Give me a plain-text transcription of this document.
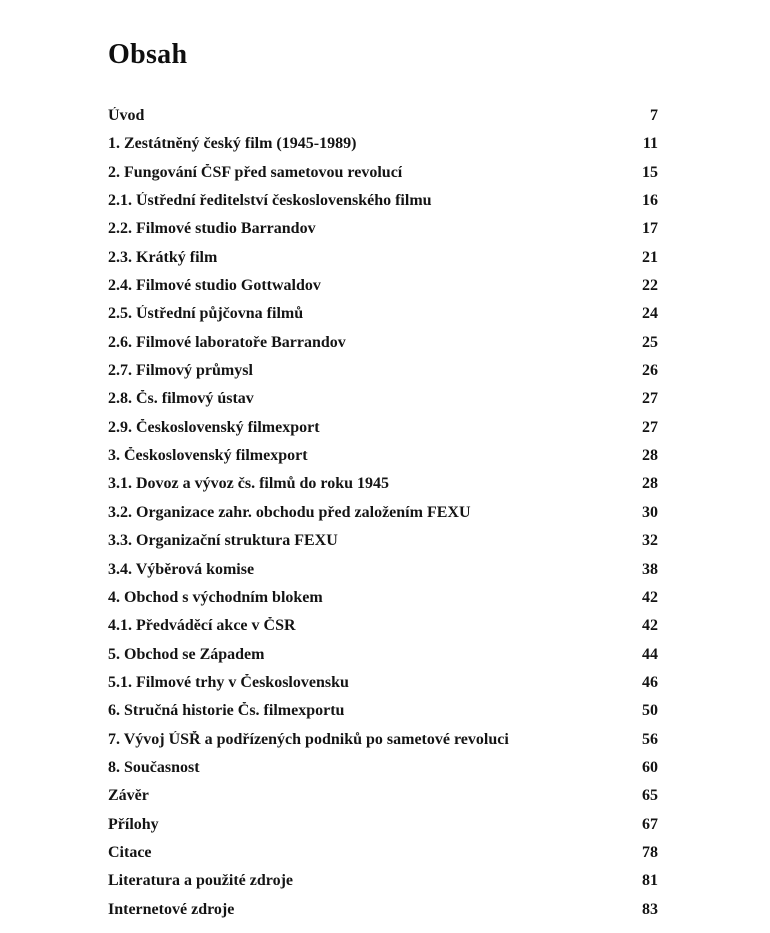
Obsah
Úvod	7
1. Zestátněný český film (1945-1989)	11
2. Fungování ČSF před sametovou revolucí	15
2.1. Ústřední ředitelství československého filmu	16
2.2. Filmové studio Barrandov	17
2.3. Krátký film	21
2.4. Filmové studio Gottwaldov	22
2.5. Ústřední půjčovna filmů	24
2.6. Filmové laboratoře Barrandov	25
2.7. Filmový průmysl	26
2.8. Čs. filmový ústav	27
2.9. Československý filmexport	27
3. Československý filmexport	28
3.1. Dovoz a vývoz čs. filmů do roku 1945	28
3.2. Organizace zahr. obchodu před založením FEXU	30
3.3. Organizační struktura FEXU	32
3.4. Výběrová komise	38
4. Obchod s východním blokem	42
4.1. Předváděcí akce v ČSR	42
5. Obchod se Západem	44
5.1. Filmové trhy v Československu	46
6. Stručná historie Čs. filmexportu	50
7. Vývoj ÚSŘ a podřízených podniků po sametové revoluci	56
8. Současnost	60
Závěr	65
Přílohy	67
Citace	78
Literatura a použité zdroje	81
Internetové zdroje	83
